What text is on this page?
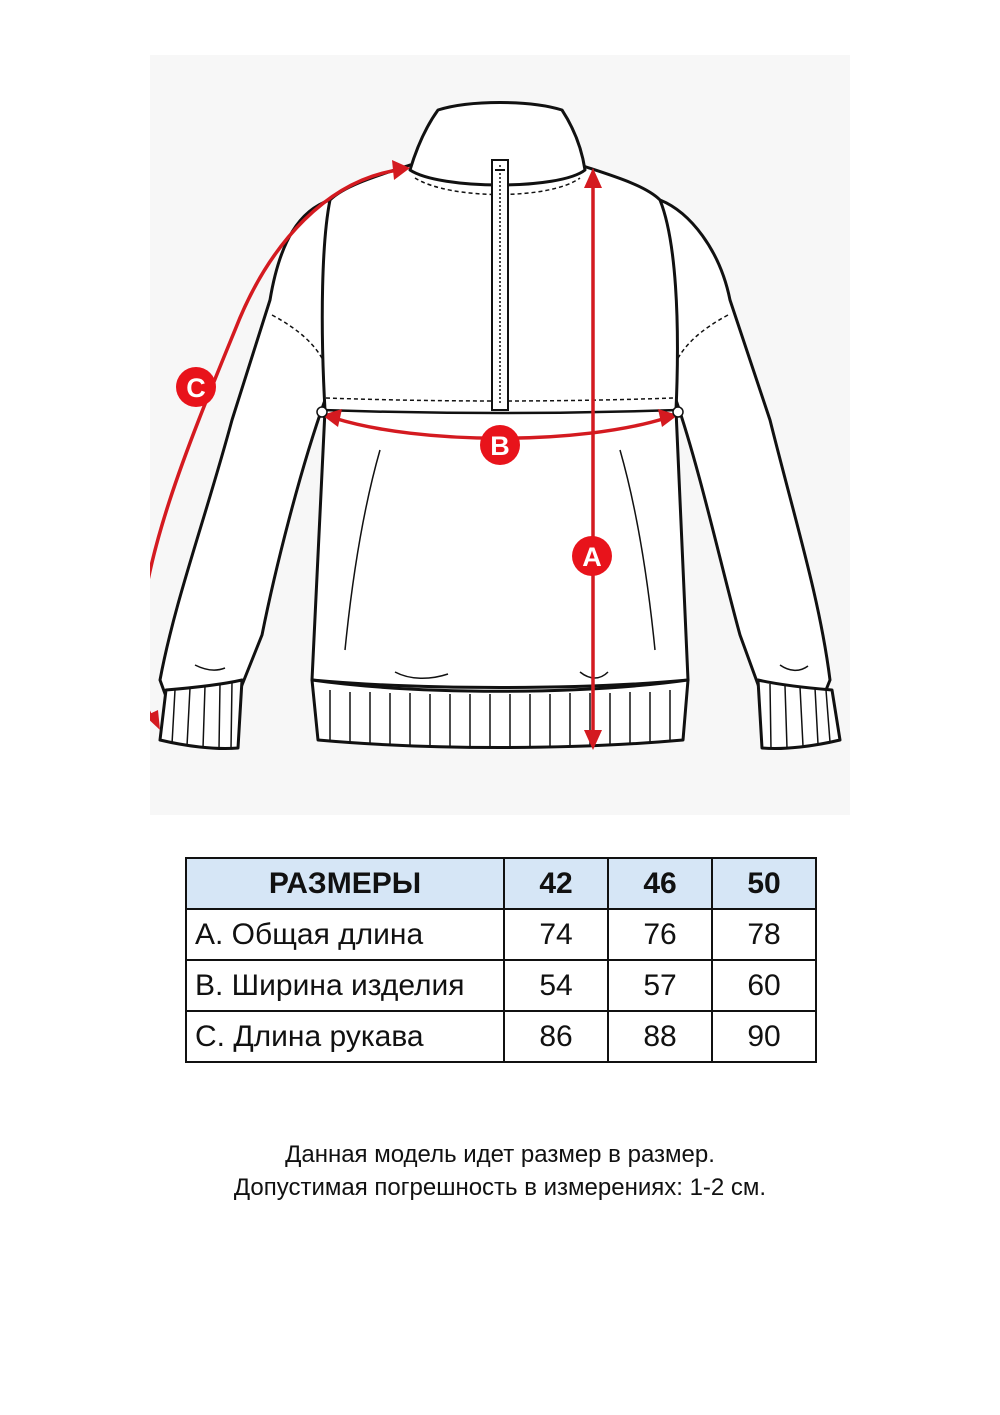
A
B
C
РАЗМЕРЫ	42	46	50
A. Общая длина	74	76	78
B. Ширина изделия	54	57	60
C. Длина рукава	86	88	90
Данная модель идет размер в размер.
Допустимая погрешность в измерениях: 1-2 см.
